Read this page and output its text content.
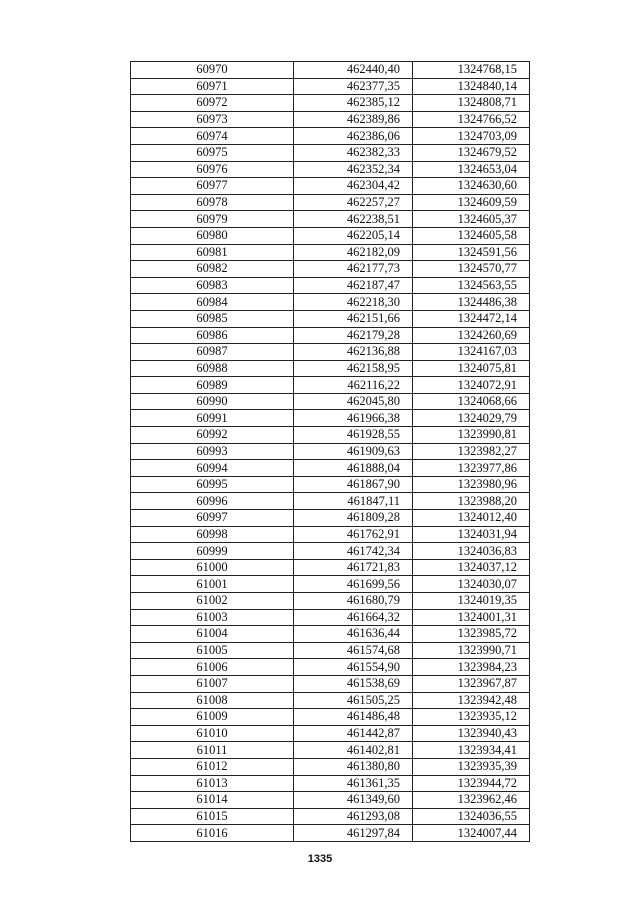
60970	462440,40	1324768,15
60971	462377,35	1324840,14
60972	462385,12	1324808,71
60973	462389,86	1324766,52
60974	462386,06	1324703,09
60975	462382,33	1324679,52
60976	462352,34	1324653,04
60977	462304,42	1324630,60
60978	462257,27	1324609,59
60979	462238,51	1324605,37
60980	462205,14	1324605,58
60981	462182,09	1324591,56
60982	462177,73	1324570,77
60983	462187,47	1324563,55
60984	462218,30	1324486,38
60985	462151,66	1324472,14
60986	462179,28	1324260,69
60987	462136,88	1324167,03
60988	462158,95	1324075,81
60989	462116,22	1324072,91
60990	462045,80	1324068,66
60991	461966,38	1324029,79
60992	461928,55	1323990,81
60993	461909,63	1323982,27
60994	461888,04	1323977,86
60995	461867,90	1323980,96
60996	461847,11	1323988,20
60997	461809,28	1324012,40
60998	461762,91	1324031,94
60999	461742,34	1324036,83
61000	461721,83	1324037,12
61001	461699,56	1324030,07
61002	461680,79	1324019,35
61003	461664,32	1324001,31
61004	461636,44	1323985,72
61005	461574,68	1323990,71
61006	461554,90	1323984,23
61007	461538,69	1323967,87
61008	461505,25	1323942,48
61009	461486,48	1323935,12
61010	461442,87	1323940,43
61011	461402,81	1323934,41
61012	461380,80	1323935,39
61013	461361,35	1323944,72
61014	461349,60	1323962,46
61015	461293,08	1324036,55
61016	461297,84	1324007,44
1335
